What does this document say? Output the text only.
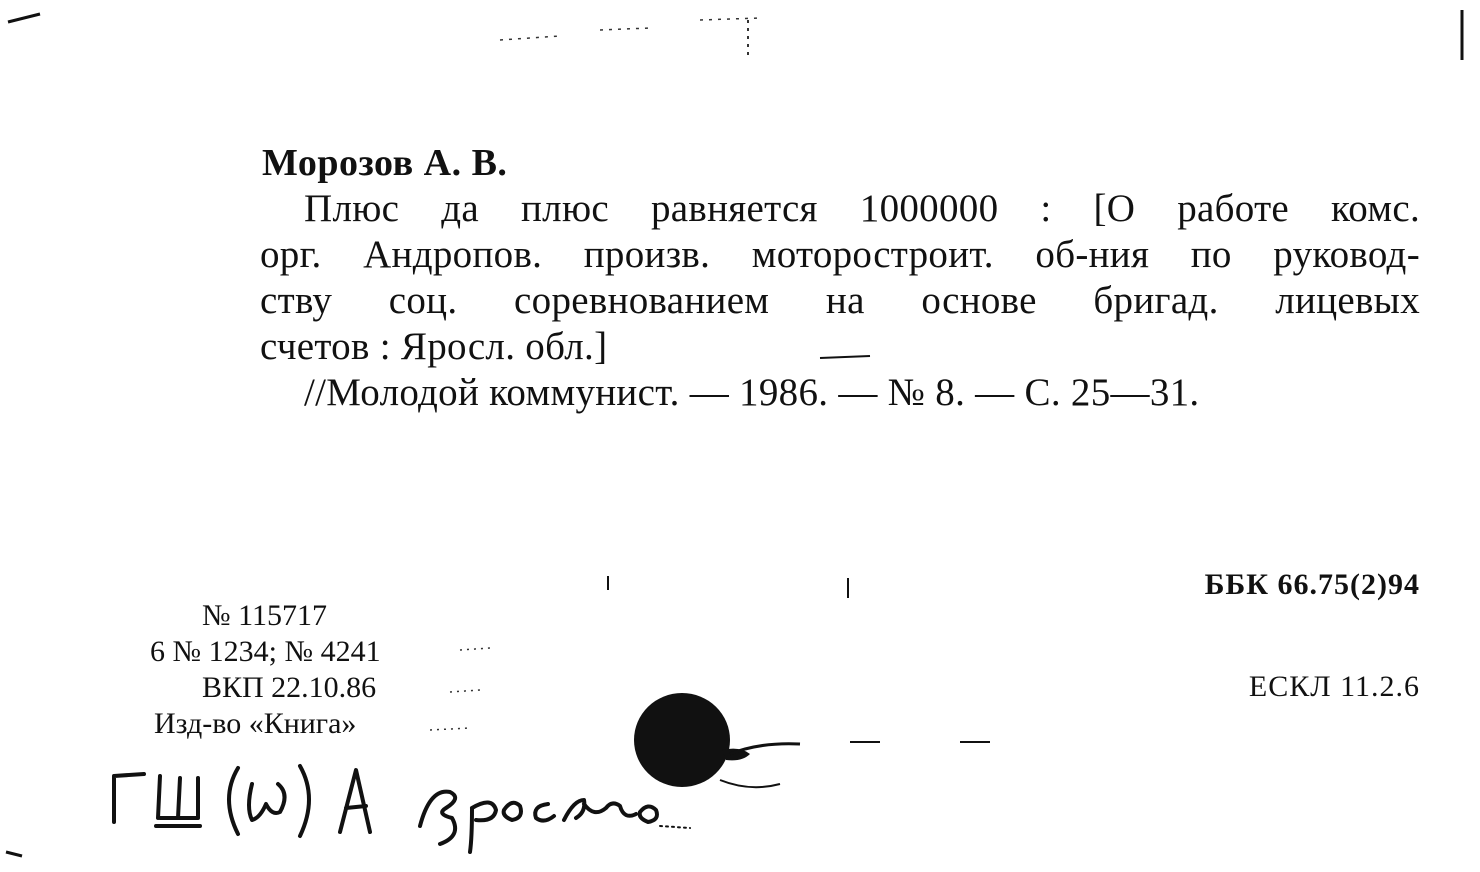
Морозов А. В.
Плюс да плюс равняется 1000000 : [О работе комс.
орг. Андропов. произв. моторостроит. об-ния по руковод-
ству соц. соревнованием на основе бригад. лицевых
счетов : Яросл. обл.]
//Молодой коммунист. — 1986. — № 8. — С. 25—31.
ББК 66.75(2)94
ЕСКЛ 11.2.6
№ 115717
6 № 1234; № 4241
ВКП 22.10.86
Изд-во «Книга»
